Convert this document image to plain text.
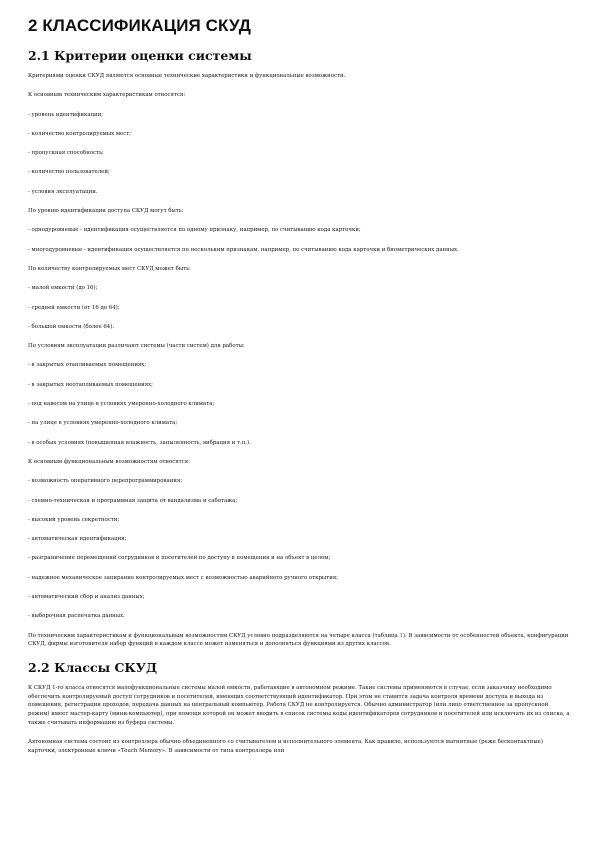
2 КЛАССИФИКАЦИЯ СКУД
2.1 Критерии оценки системы

Критериями оценки СКУД являются основные технические характеристики и функциональные возможности.

К основным техническим характеристикам относятся:

- уровень идентификации;

- количество контролируемых мест;

- пропускная способность;

- количество пользователей;

- условия эксплуатации.

По уровню идентификации доступа СКУД могут быть:

- однодуровневые - идентификация осуществляется по одному признаку, например, по считыванию кода карточки;

- многодуровневые - идентификация осуществляется по нескольким признакам, например, по считыванию кода карточки и биометрических данных.

По количеству контролируемых мест СКУД может быть:

- малой емкости (до 16);

- средней емкости (от 16 до 64);

- большой емкости (более 64).

По условиям эксплуатации различают системы (части систем) для работы:

- в закрытых отапливаемых помещениях;

- в закрытых неотапливаемых помещениях;

- под навесом на улице в условиях умеренно-холодного климата;

- на улице в условиях умеренно-холодного климата;

- в особых условиях (повышенная влажность, запыленность, вибрация и т.п.).

К основным функциональным возможностям относятся:

- возможность оперативного перепрограммирования;

- схемно-техническая и программная защита от вандализма и саботажа;

- высокий уровень секретности;

- автоматическая идентификация;

- разграничение перемещений сотрудников и посетителей по доступу в помещения и на объект в целом;

- надежное механическое запирание контролируемых мест с возможностью аварийного ручного открытия;

- автоматический сбор и анализ данных;

- выборочная распечатка данных.

По техническим характеристикам и функциональным возможностям СКУД условно подразделяются на четыре класса (таблица 1). В зависимости от особенностей объекта, конфигурации СКУД, фирмы изготовителя набор функций в каждом классе может изменяться и дополняться функциями из других классов.

2.2 Классы СКУД

К СКУД 1-го класса относятся малофункциональные системы малой емкости, работающие в автономном режиме. Такие системы применяются в случае, если заказчику необходимо обеспечить контролируемый доступ сотрудников и посетителей, имеющих соответствующий идентификатор. При этом не ставится задача контроля времени доступа и выхода из помещения, регистрации проходов, передача данных на центральный компьютер. Работа СКУД не контролируется. Обычно администратор (или лицо ответственное за пропускной режим) имеет мастер-карту (мини-компьютер), при помощи которой он может вводить в список системы коды идентификаторов сотрудников и посетителей или исключать их из списка, а также считывать информацию из буфера системы.

Автономная система состоит из контроллера обычно объединенного со считывателем и исполнительного элемента. Как правило, используются магнитные (реже бесконтактные) карточки, электронные ключи «Touch Memory». В зависимости от типа контроллера или
